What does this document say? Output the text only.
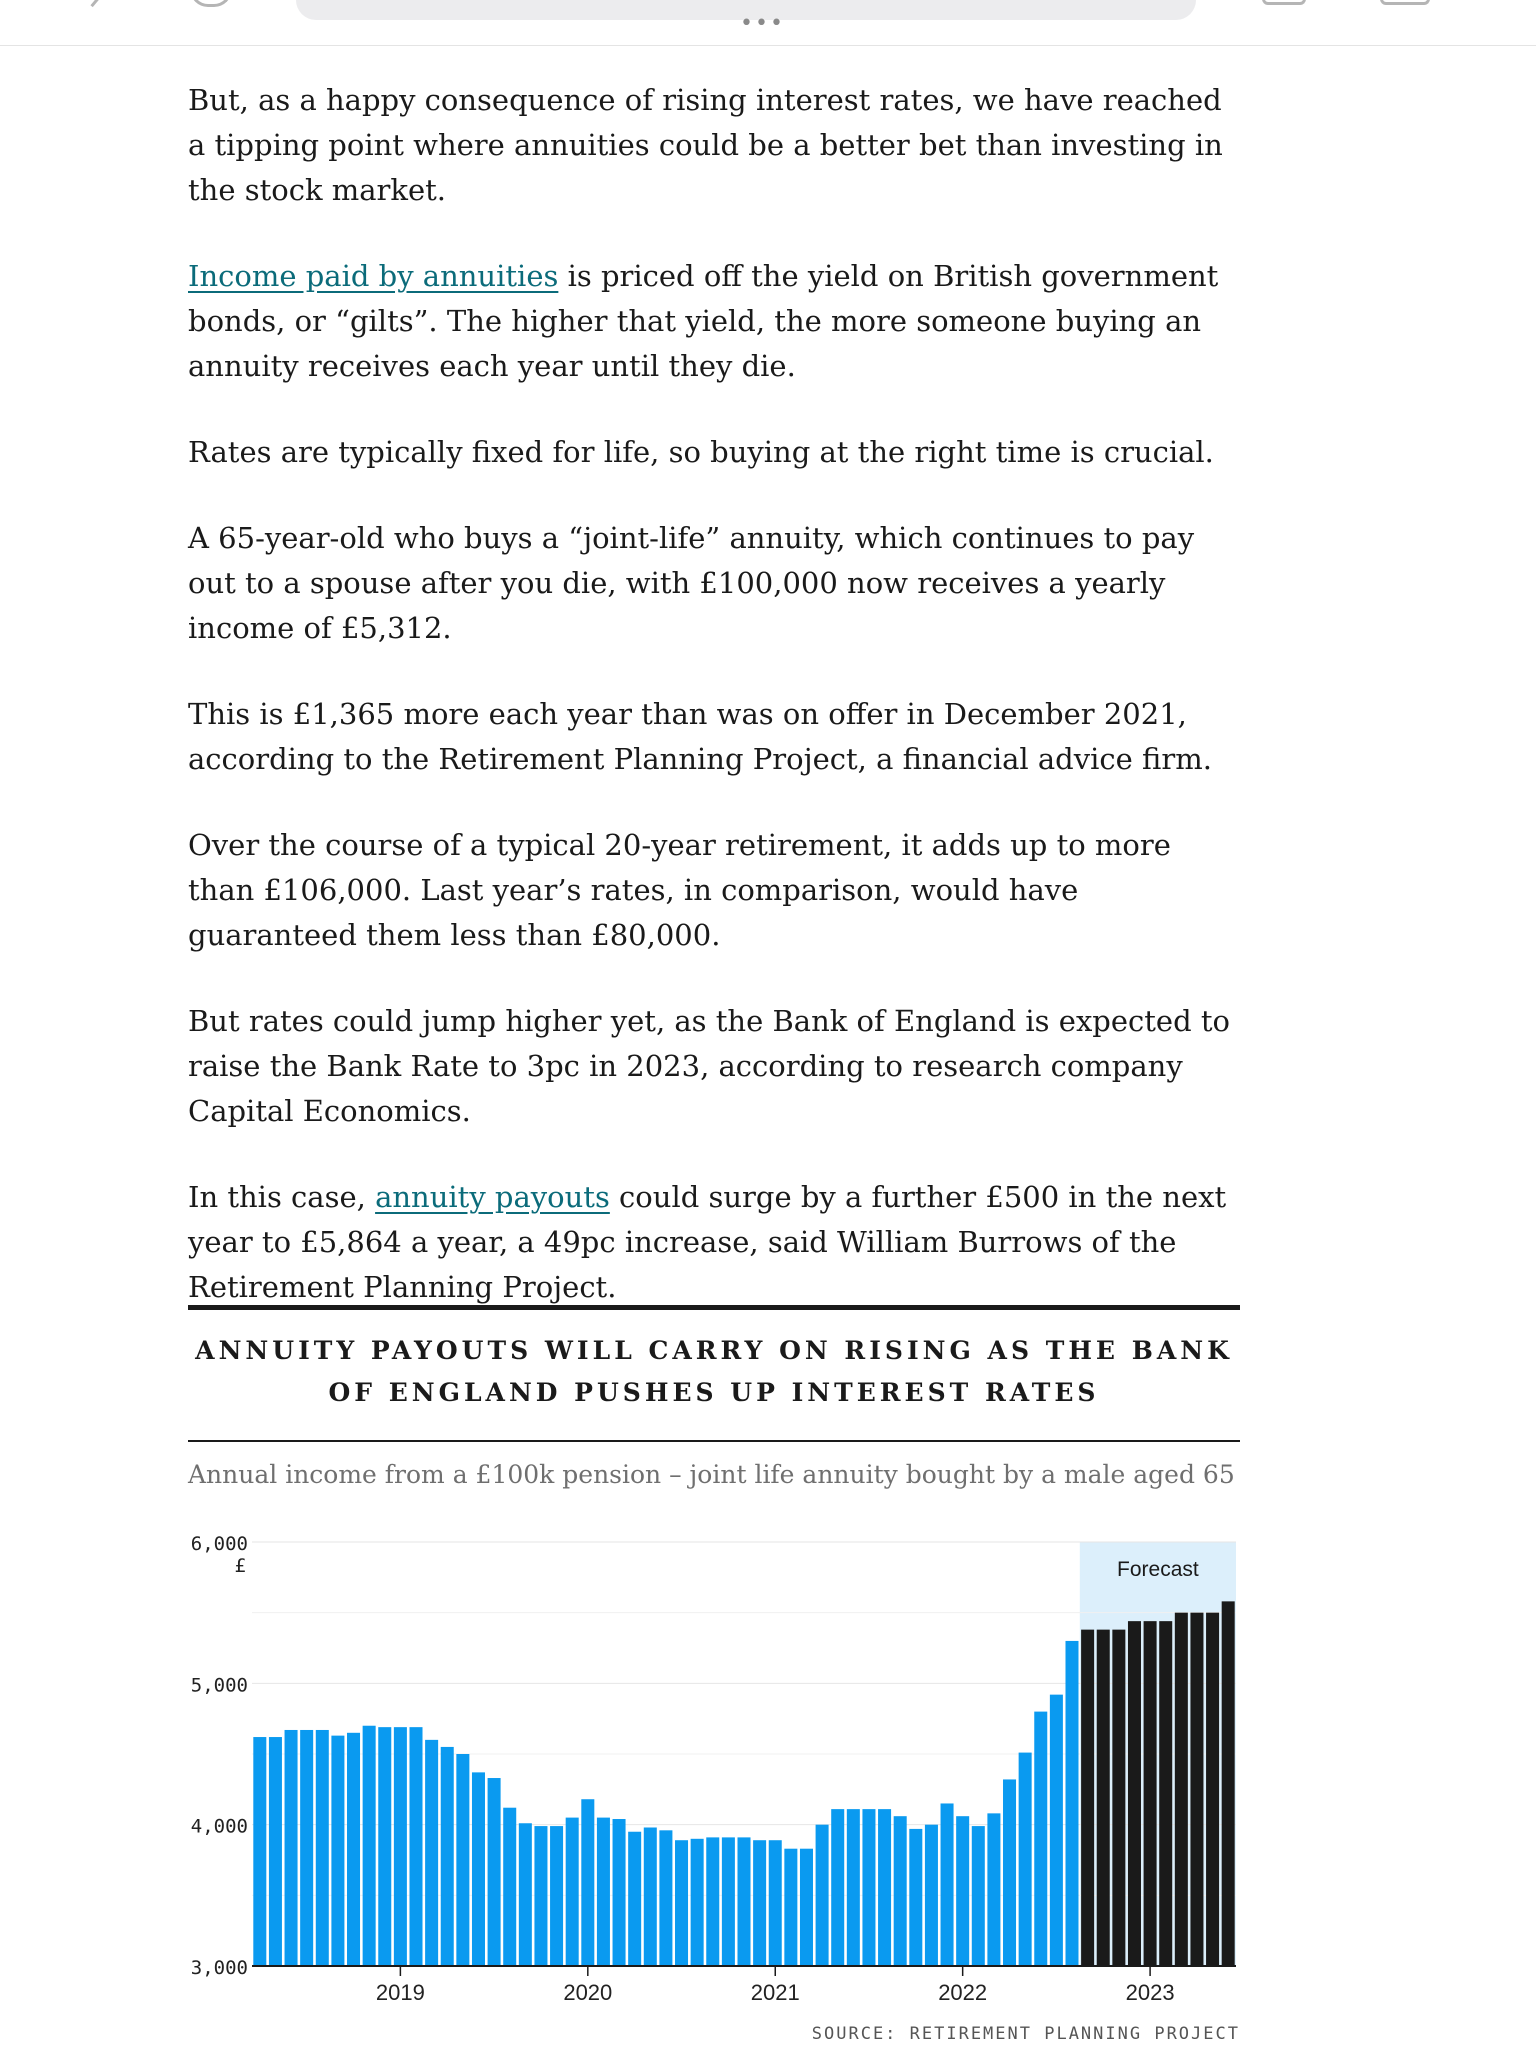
•••

But, as a happy consequence of rising interest rates, we have reached a tipping point where annuities could be a better bet than investing in the stock market.

Income paid by annuities is priced off the yield on British government bonds, or “gilts”. The higher that yield, the more someone buying an annuity receives each year until they die.

Rates are typically fixed for life, so buying at the right time is crucial.

A 65-year-old who buys a “joint-life” annuity, which continues to pay out to a spouse after you die, with £100,000 now receives a yearly income of £5,312.

This is £1,365 more each year than was on offer in December 2021, according to the Retirement Planning Project, a financial advice firm.

Over the course of a typical 20-year retirement, it adds up to more than £106,000. Last year’s rates, in comparison, would have guaranteed them less than £80,000.

But rates could jump higher yet, as the Bank of England is expected to raise the Bank Rate to 3pc in 2023, according to research company Capital Economics.

In this case, annuity payouts could surge by a further £500 in the next year to £5,864 a year, a 49pc increase, said William Burrows of the Retirement Planning Project.

ANNUITY PAYOUTS WILL CARRY ON RISING AS THE BANK OF ENGLAND PUSHES UP INTEREST RATES
Annual income from a £100k pension – joint life annuity bought by a male aged 65
Forecast
3,000
4,000
5,000
6,000
£
2019	2020	2021	2022	2023
SOURCE: RETIREMENT PLANNING PROJECT
